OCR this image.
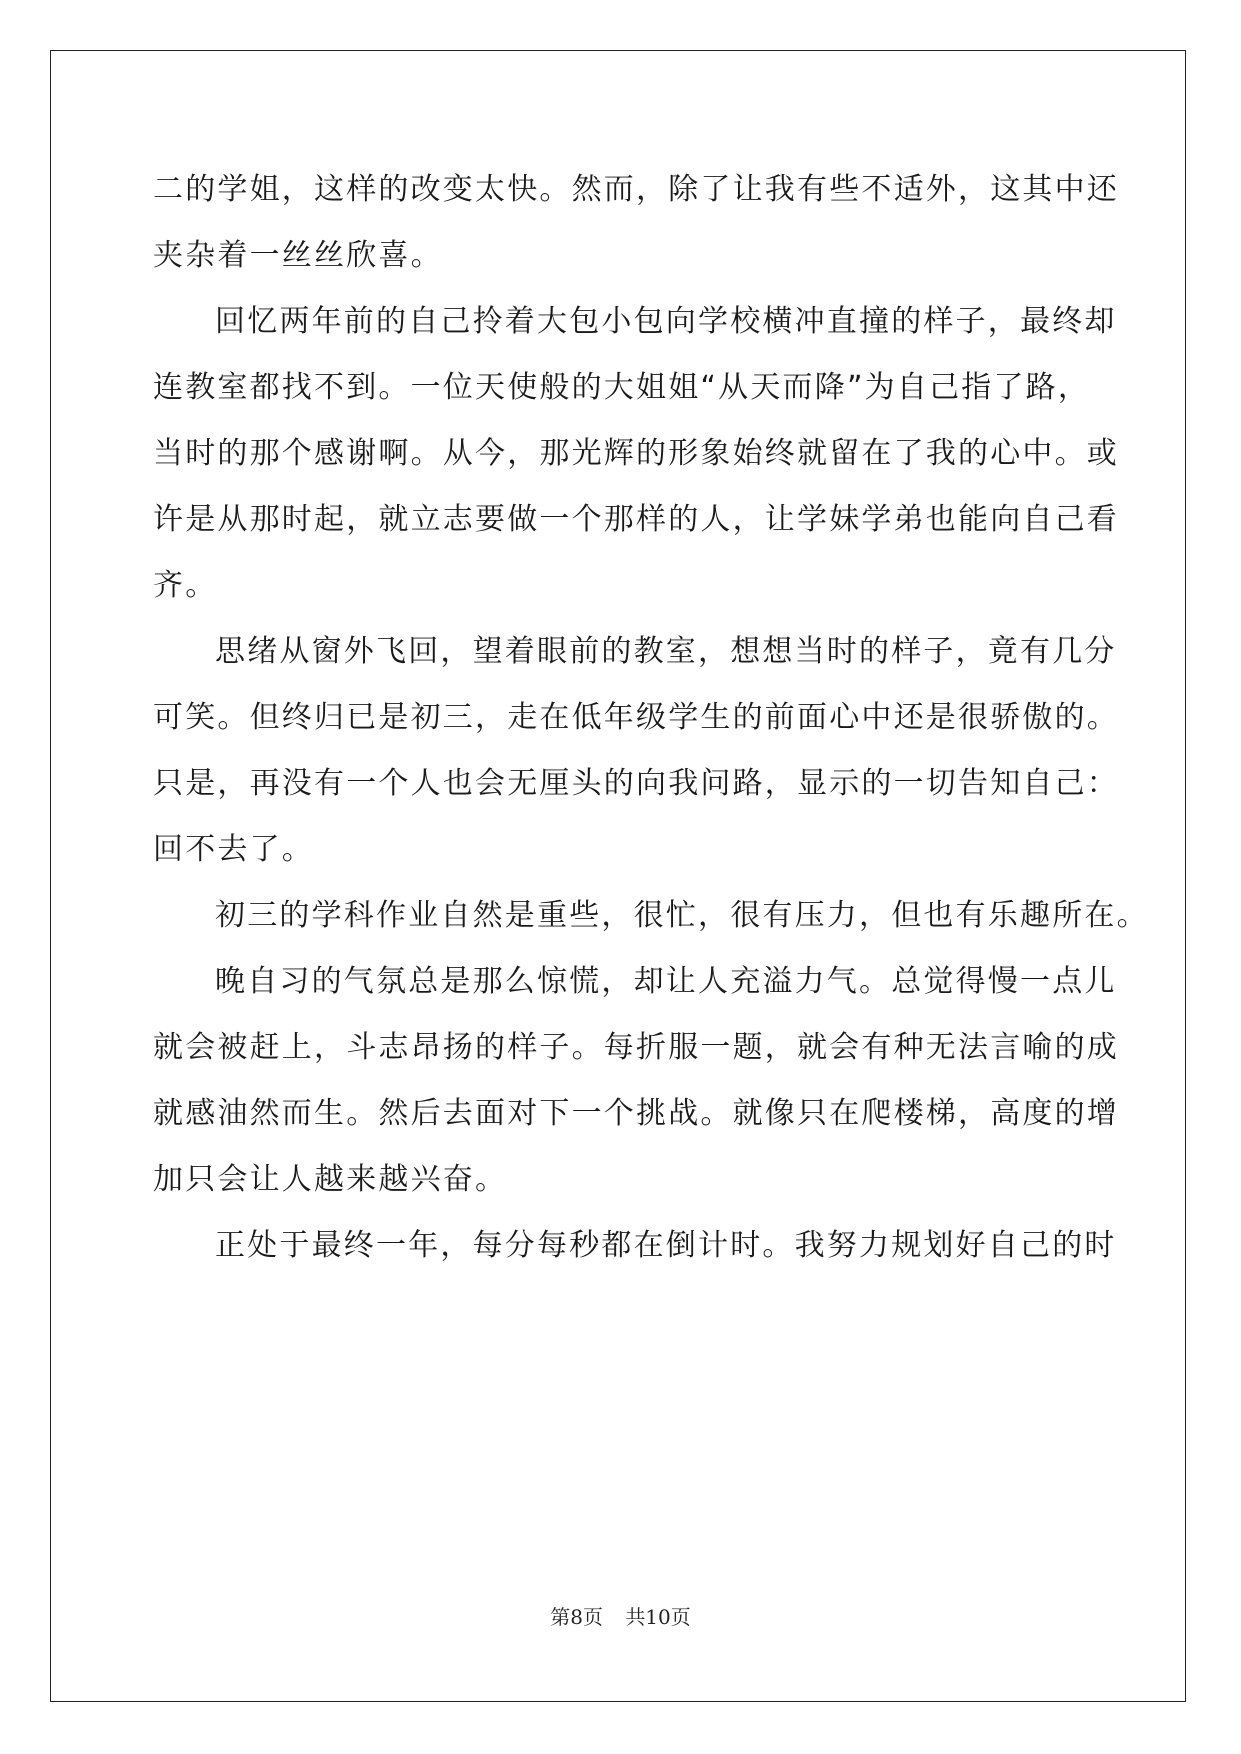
二的学姐，这样的改变太快。然而，除了让我有些不适外，这其中还
夹杂着一丝丝欣喜。
回忆两年前的自己拎着大包小包向学校横冲直撞的样子，最终却
连教室都找不到。一位天使般的大姐姐“从天而降”为自己指了路，
当时的那个感谢啊。从今，那光辉的形象始终就留在了我的心中。或
许是从那时起，就立志要做一个那样的人，让学妹学弟也能向自己看
齐。
思绪从窗外飞回，望着眼前的教室，想想当时的样子，竟有几分
可笑。但终归已是初三，走在低年级学生的前面心中还是很骄傲的。
只是，再没有一个人也会无厘头的向我问路，显示的一切告知自己：
回不去了。
初三的学科作业自然是重些，很忙，很有压力，但也有乐趣所在。
晚自习的气氛总是那么惊慌，却让人充溢力气。总觉得慢一点儿
就会被赶上，斗志昂扬的样子。每折服一题，就会有种无法言喻的成
就感油然而生。然后去面对下一个挑战。就像只在爬楼梯，高度的增
加只会让人越来越兴奋。
正处于最终一年，每分每秒都在倒计时。我努力规划好自己的时
第8页 共10页
